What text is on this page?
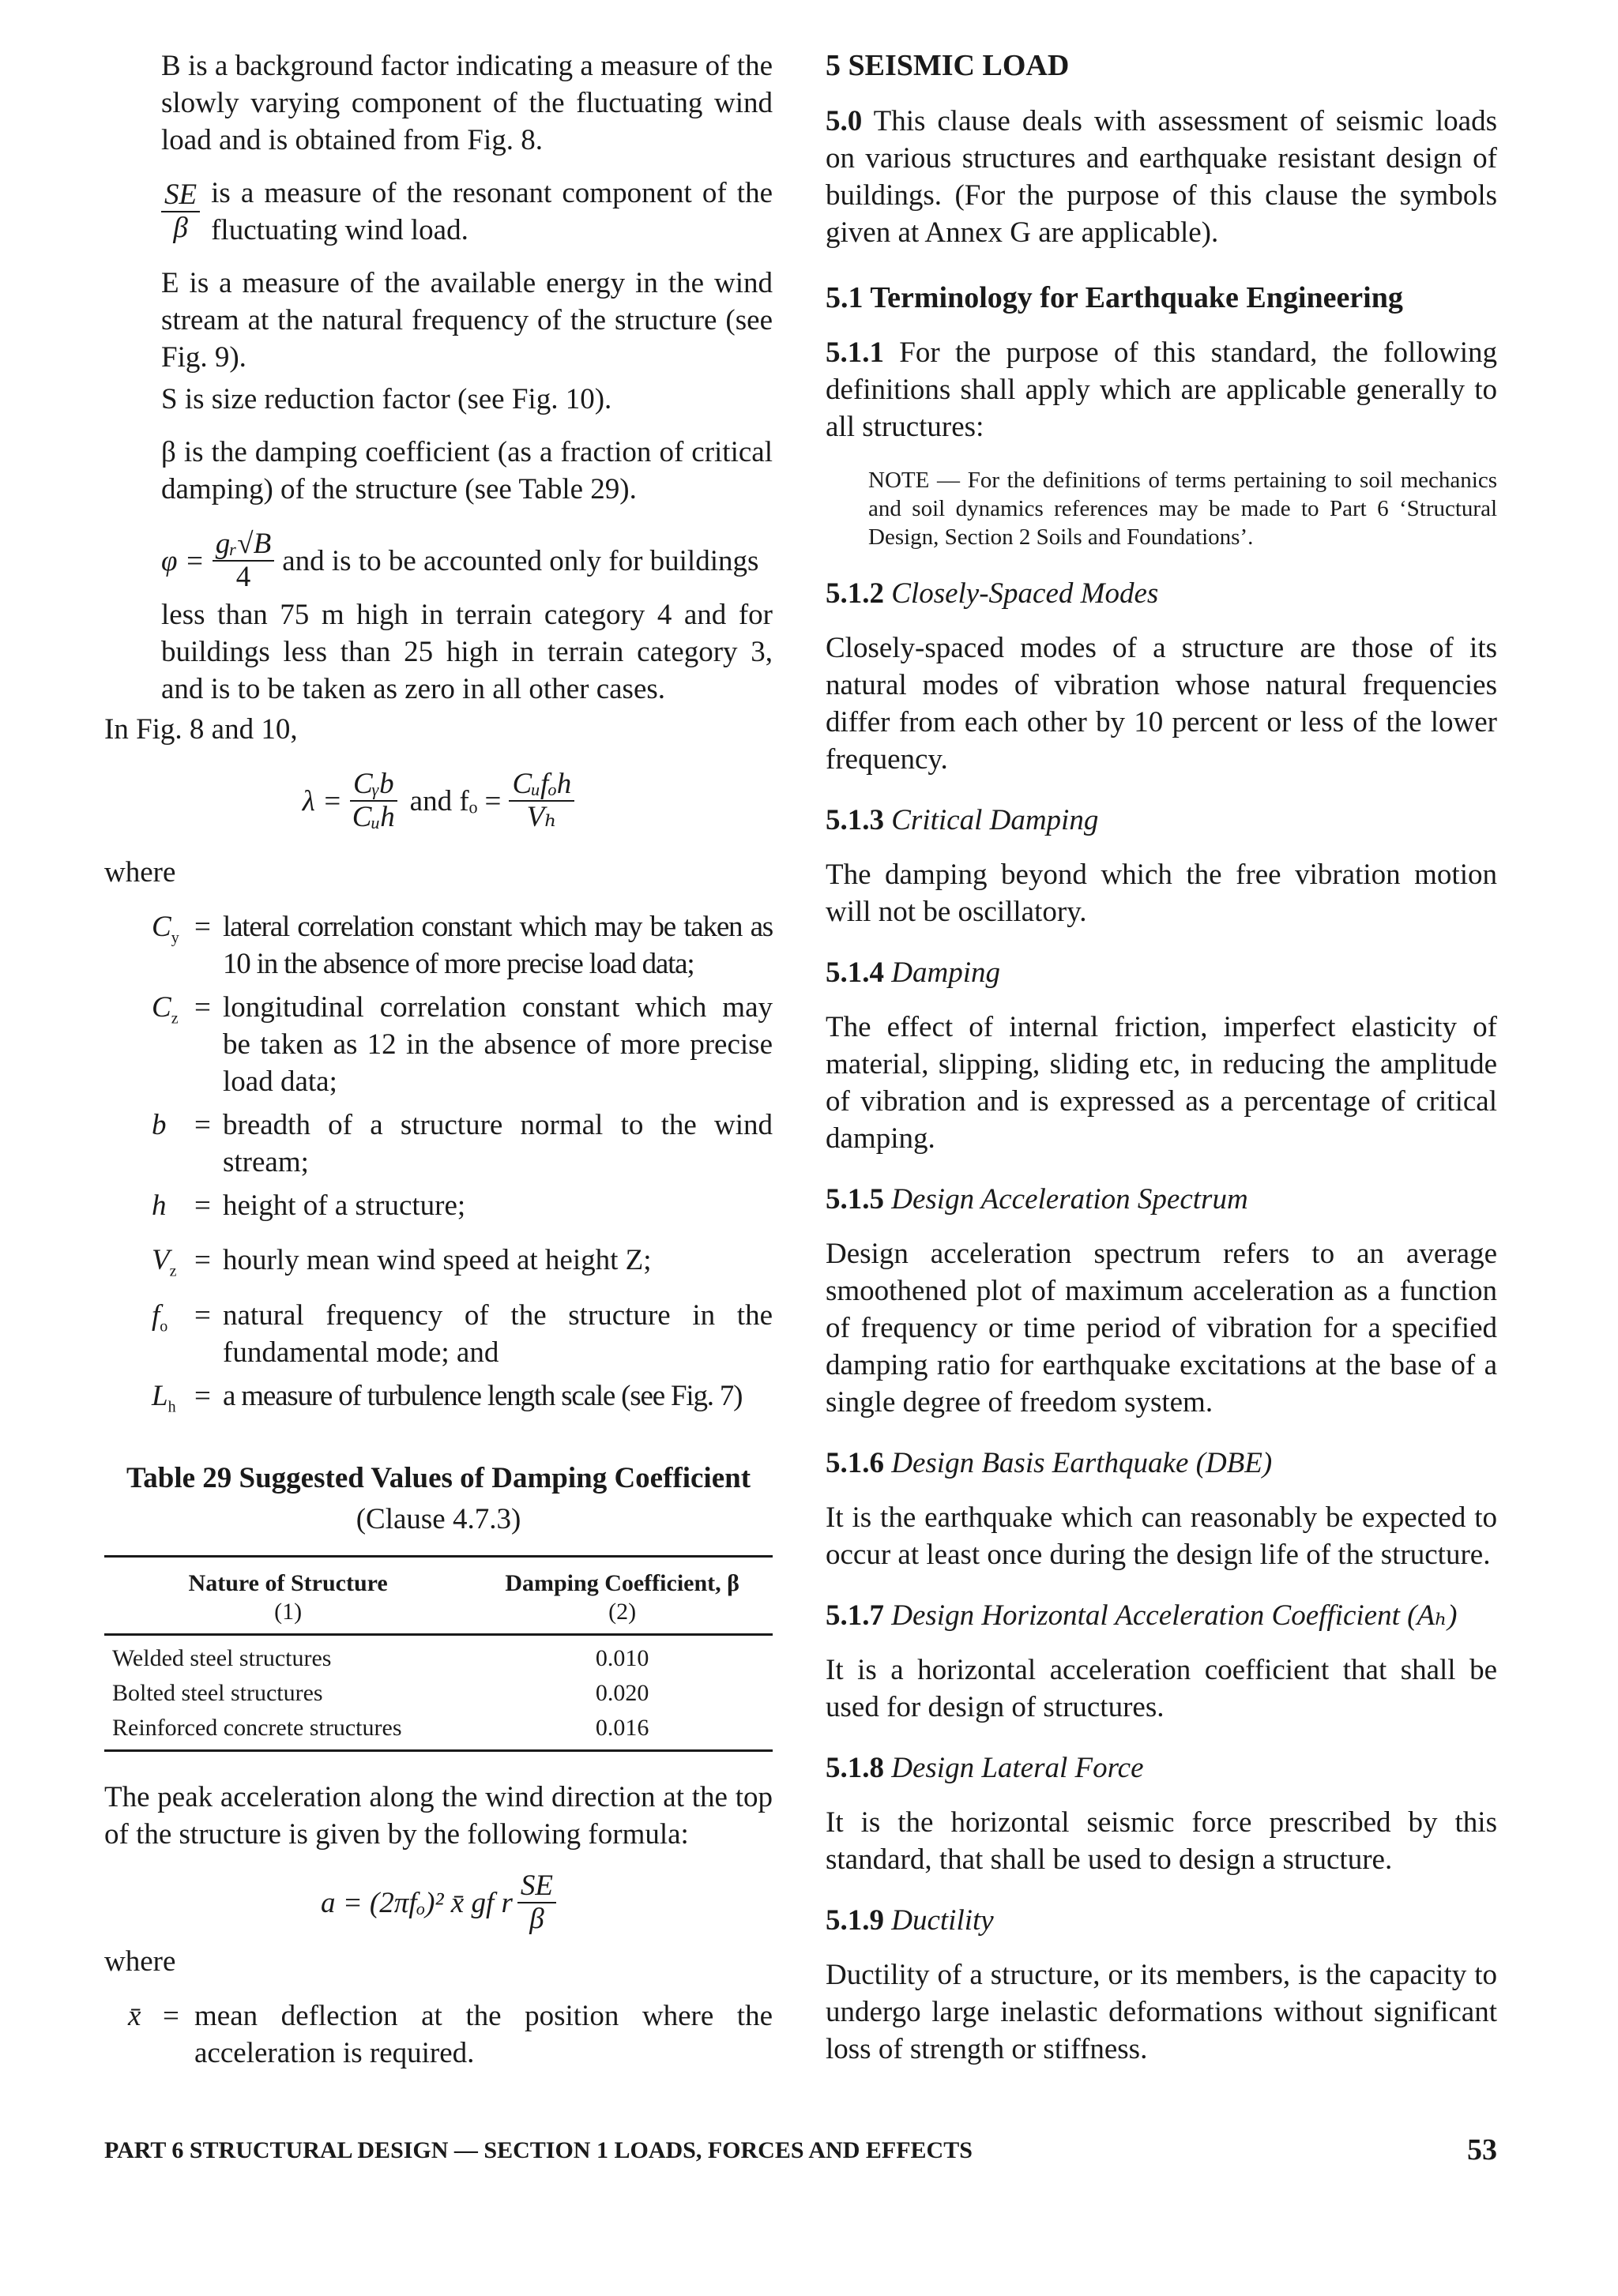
B is a background factor indicating a measure of the slowly varying component of the fluctuating wind load and is obtained from Fig. 8.

$\frac{SE}{\beta}$ is a measure of the resonant component of the fluctuating wind load.

E is a measure of the available energy in the wind stream at the natural frequency of the structure (see Fig. 9).

S is size reduction factor (see Fig. 10).

β is the damping coefficient (as a fraction of critical damping) of the structure (see Table 29).

$\varphi = \frac{\text{gᵣ√B}}{4}$ and is to be accounted only for buildings

less than 75 m high in terrain category 4 and for buildings less than 25 high in terrain category 3, and is to be taken as zero in all other cases.

In Fig. 8 and 10,

$\lambda = \frac{\text{Cᵧb}}{\text{Cᵤh}}$ and $f_o = \frac{\text{Cᵤfₒh}}{\text{Vₕ}}$

where

$C_y$ = lateral correlation constant which may be taken as 10 in the absence of more precise load data;
$C_z$ = longitudinal correlation constant which may be taken as 12 in the absence of more precise load data;
b = breadth of a structure normal to the wind stream;
h = height of a structure;
$V_z$ = hourly mean wind speed at height Z;
$f_o$ = natural frequency of the structure in the fundamental mode; and
$L_h = a$ measure of turbulence length scale (see Fig. 7)

Table 29 Suggested Values of Damping Coefficient

(Clause 4.7.3)

Nature of Structure	Damping Coefficient, β
(1)	(2)
Welded steel structures	0.010
Bolted steel structures	0.020
Reinforced concrete structures	0.016

The peak acceleration along the wind direction at the top of the structure is given by the following formula:

a = (2πfₒ)² x̄ gf r $\frac{SE}{\beta}$

where

x̄ = mean deflection at the position where the acceleration is required.
5 SEISMIC LOAD

5.0 This clause deals with assessment of seismic loads on various structures and earthquake resistant design of buildings. (For the purpose of this clause the symbols given at Annex G are applicable).

5.1 Terminology for Earthquake Engineering

5.1.1 For the purpose of this standard, the following definitions shall apply which are applicable generally to all structures:

NOTE — For the definitions of terms pertaining to soil mechanics and soil dynamics references may be made to Part 6 ‘Structural Design, Section 2 Soils and Foundations’.

5.1.2 Closely-Spaced Modes

Closely-spaced modes of a structure are those of its natural modes of vibration whose natural frequencies differ from each other by 10 percent or less of the lower frequency.

5.1.3 Critical Damping

The damping beyond which the free vibration motion will not be oscillatory.

5.1.4 Damping

The effect of internal friction, imperfect elasticity of material, slipping, sliding etc, in reducing the amplitude of vibration and is expressed as a percentage of critical damping.

5.1.5 Design Acceleration Spectrum

Design acceleration spectrum refers to an average smoothened plot of maximum acceleration as a function of frequency or time period of vibration for a specified damping ratio for earthquake excitations at the base of a single degree of freedom system.

5.1.6 Design Basis Earthquake (DBE)

It is the earthquake which can reasonably be expected to occur at least once during the design life of the structure.

5.1.7 Design Horizontal Acceleration Coefficient (Aₕ)

It is a horizontal acceleration coefficient that shall be used for design of structures.

5.1.8 Design Lateral Force

It is the horizontal seismic force prescribed by this standard, that shall be used to design a structure.

5.1.9 Ductility

Ductility of a structure, or its members, is the capacity to undergo large inelastic deformations without significant loss of strength or stiffness.

PART 6 STRUCTURAL DESIGN — SECTION 1 LOADS, FORCES AND EFFECTS	53
